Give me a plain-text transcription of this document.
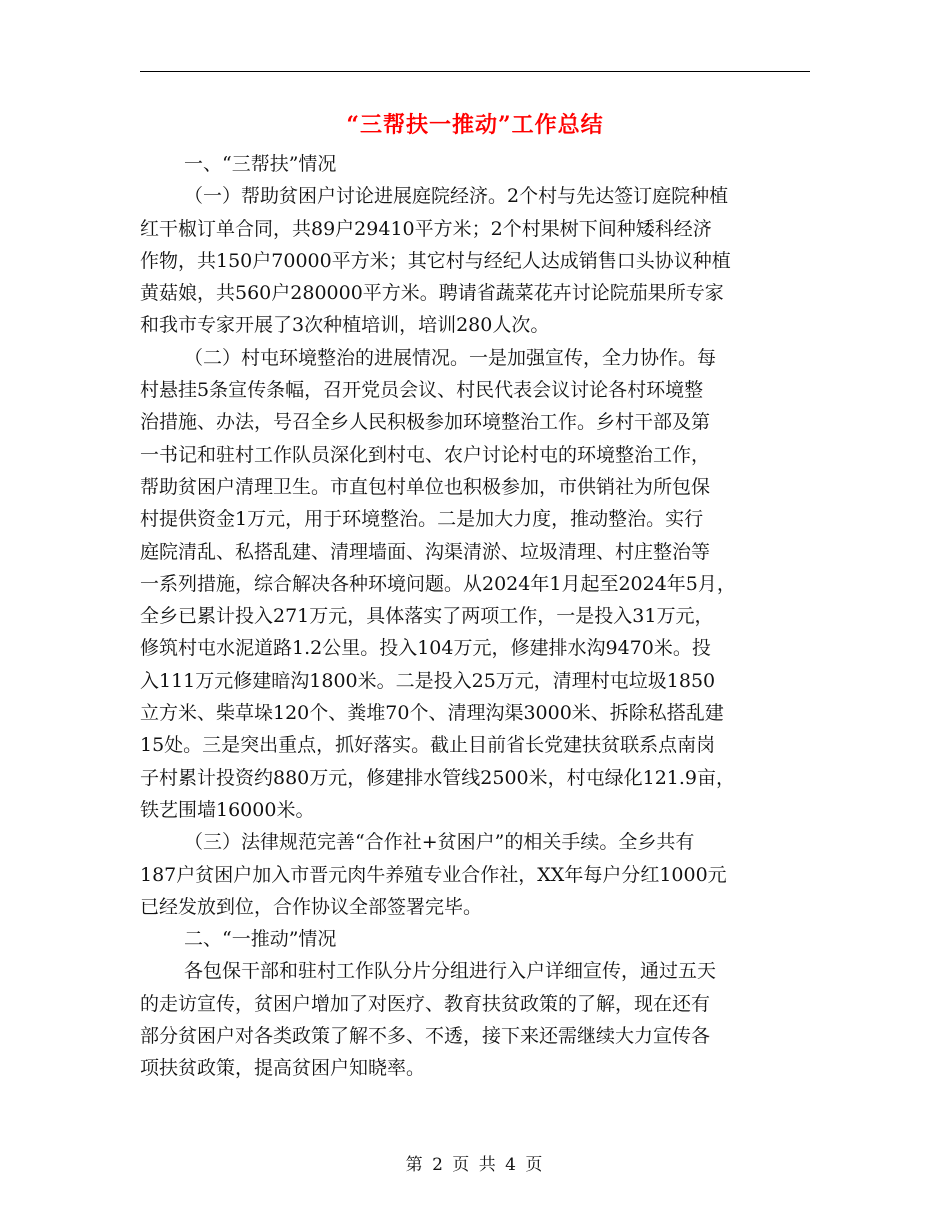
“三帮扶一推动”工作总结
一、“三帮扶”情况
（一）帮助贫困户讨论进展庭院经济。2个村与先达签订庭院种植
红干椒订单合同，共89户29410平方米；2个村果树下间种矮科经济
作物，共150户70000平方米；其它村与经纪人达成销售口头协议种植
黄菇娘，共560户280000平方米。聘请省蔬菜花卉讨论院茄果所专家
和我市专家开展了3次种植培训，培训280人次。
（二）村屯环境整治的进展情况。一是加强宣传，全力协作。每
村悬挂5条宣传条幅，召开党员会议、村民代表会议讨论各村环境整
治措施、办法，号召全乡人民积极参加环境整治工作。乡村干部及第
一书记和驻村工作队员深化到村屯、农户讨论村屯的环境整治工作，
帮助贫困户清理卫生。市直包村单位也积极参加，市供销社为所包保
村提供资金1万元，用于环境整治。二是加大力度，推动整治。实行
庭院清乱、私搭乱建、清理墙面、沟渠清淤、垃圾清理、村庄整治等
一系列措施，综合解决各种环境问题。从2024年1月起至2024年5月，
全乡已累计投入271万元，具体落实了两项工作，一是投入31万元，
修筑村屯水泥道路1.2公里。投入104万元，修建排水沟9470米。投
入111万元修建暗沟1800米。二是投入25万元，清理村屯垃圾1850
立方米、柴草垛120个、粪堆70个、清理沟渠3000米、拆除私搭乱建
15处。三是突出重点，抓好落实。截止目前省长党建扶贫联系点南岗
子村累计投资约880万元，修建排水管线2500米，村屯绿化121.9亩，
铁艺围墙16000米。
（三）法律规范完善“合作社+贫困户”的相关手续。全乡共有
187户贫困户加入市晋元肉牛养殖专业合作社，XX年每户分红1000元
已经发放到位，合作协议全部签署完毕。
二、“一推动”情况
各包保干部和驻村工作队分片分组进行入户详细宣传，通过五天
的走访宣传，贫困户增加了对医疗、教育扶贫政策的了解，现在还有
部分贫困户对各类政策了解不多、不透，接下来还需继续大力宣传各
项扶贫政策，提高贫困户知晓率。
第 2 页 共 4 页
